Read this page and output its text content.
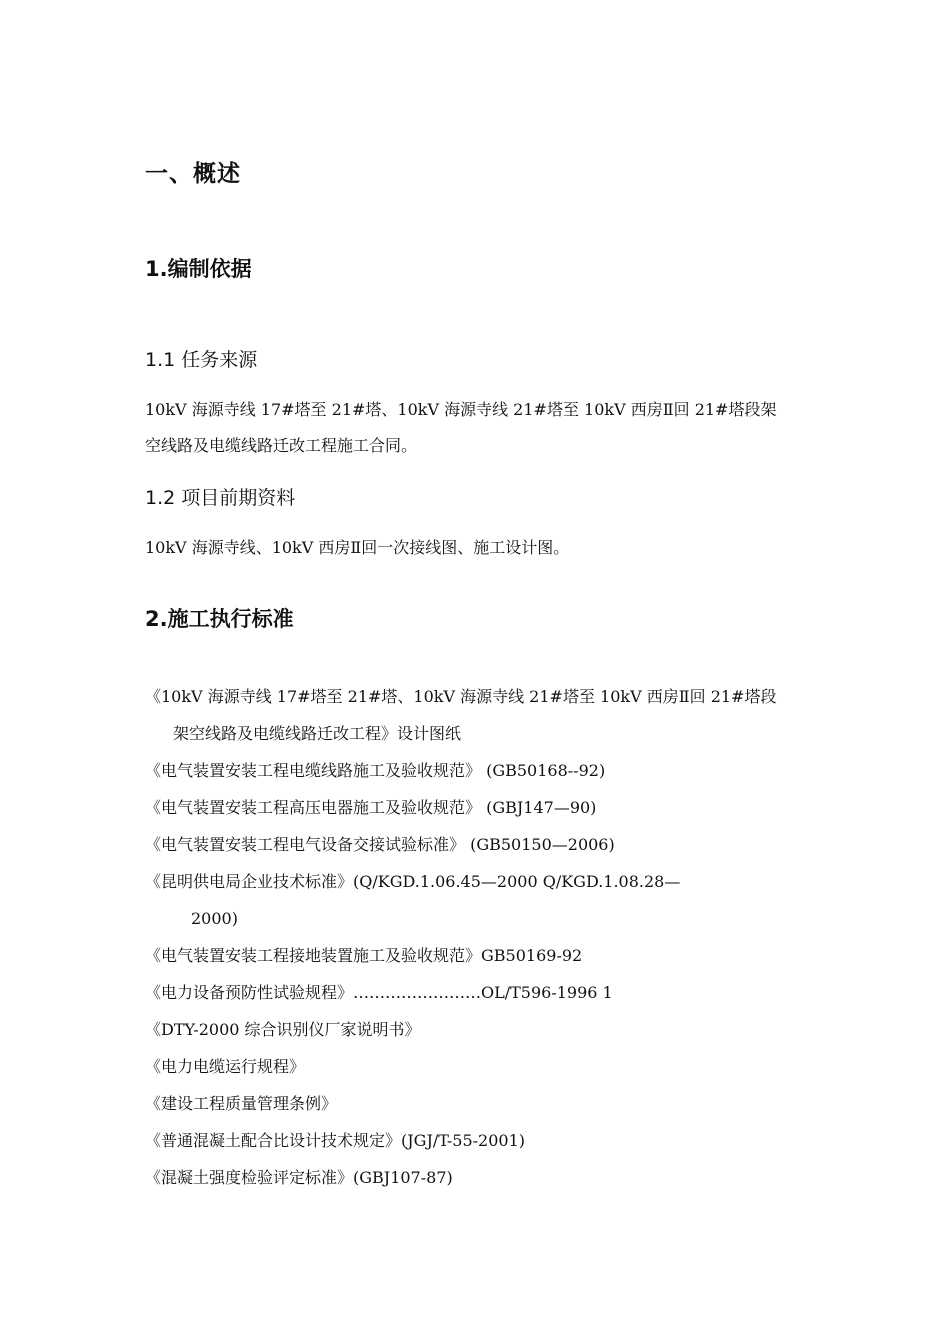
一、概述
1.编制依据
1.1 任务来源
10kV 海源寺线 17#塔至 21#塔、10kV 海源寺线 21#塔至 10kV 西房Ⅱ回 21#塔段架
空线路及电缆线路迁改工程施工合同。
1.2 项目前期资料
10kV 海源寺线、10kV 西房Ⅱ回一次接线图、施工设计图。
2.施工执行标准
《10kV 海源寺线 17#塔至 21#塔、10kV 海源寺线 21#塔至 10kV 西房Ⅱ回 21#塔段
架空线路及电缆线路迁改工程》设计图纸
《电气装置安装工程电缆线路施工及验收规范》 (GB50168--92)
《电气装置安装工程高压电器施工及验收规范》 (GBJ147—90)
《电气装置安装工程电气设备交接试验标准》 (GB50150—2006)
《昆明供电局企业技术标准》(Q/KGD.1.06.45—2000 Q/KGD.1.08.28—
2000)
《电气装置安装工程接地装置施工及验收规范》GB50169-92
《电力设备预防性试验规程》……………………OL/T596-1996 1
《DTY-2000 综合识别仪厂家说明书》
《电力电缆运行规程》
《建设工程质量管理条例》
《普通混凝土配合比设计技术规定》(JGJ/T-55-2001)
《混凝土强度检验评定标准》(GBJ107-87)
